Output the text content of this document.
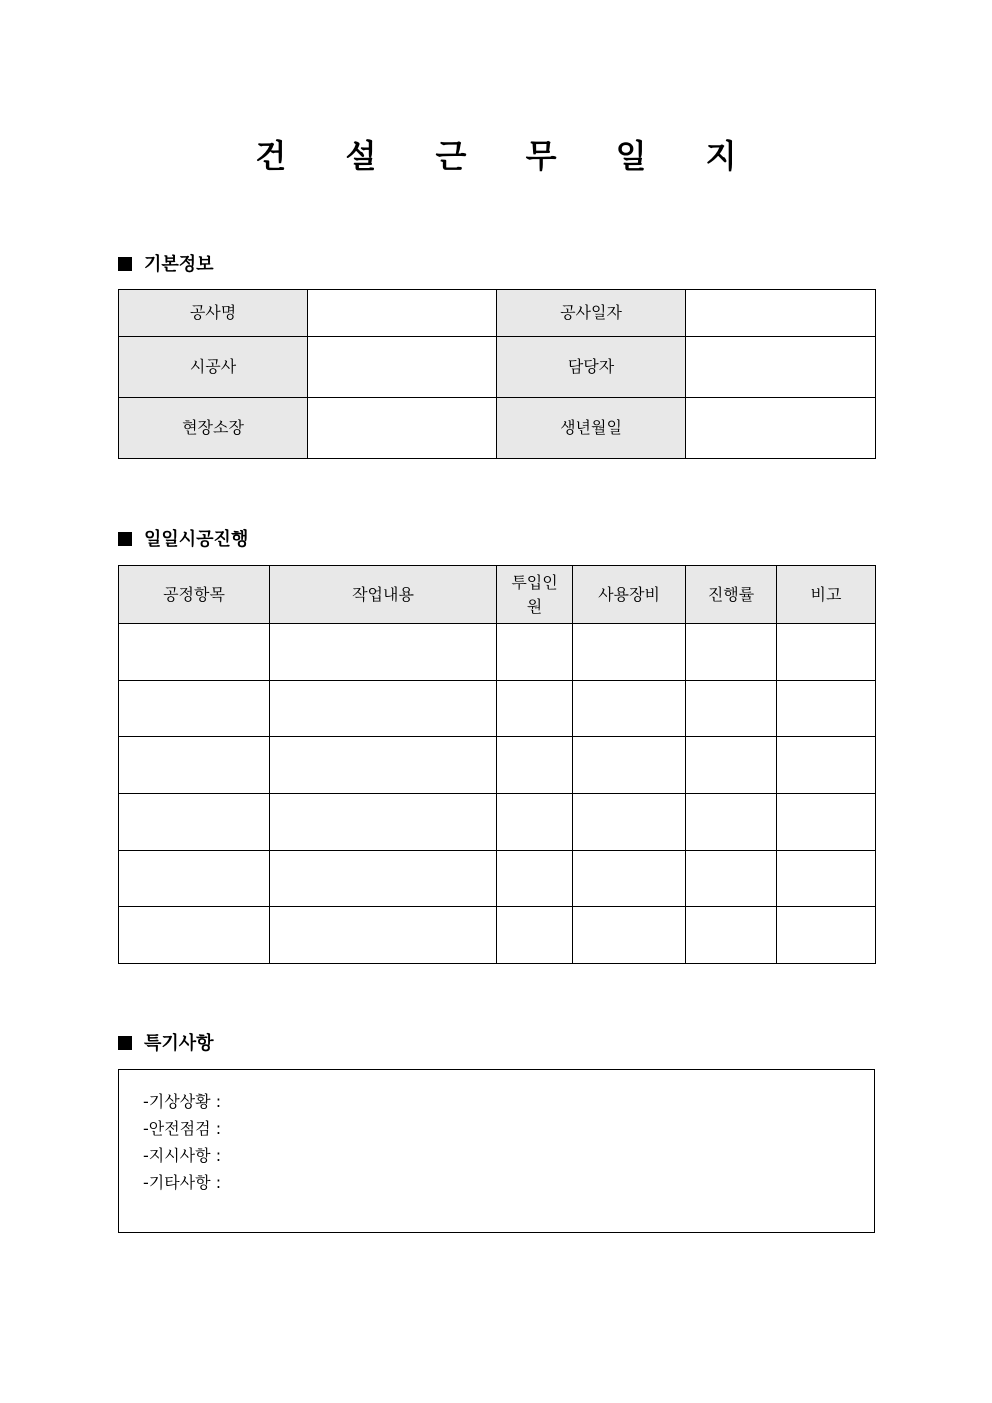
건 설 근 무 일 지
기본정보
공사명		공사일자	
시공사		담당자	
현장소장		생년월일	
일일시공진행
공정항목	작업내용	투입인원	사용장비	진행률	비고

특기사항
-기상상황 :
-안전점검 :
-지시사항 :
-기타사항 :
